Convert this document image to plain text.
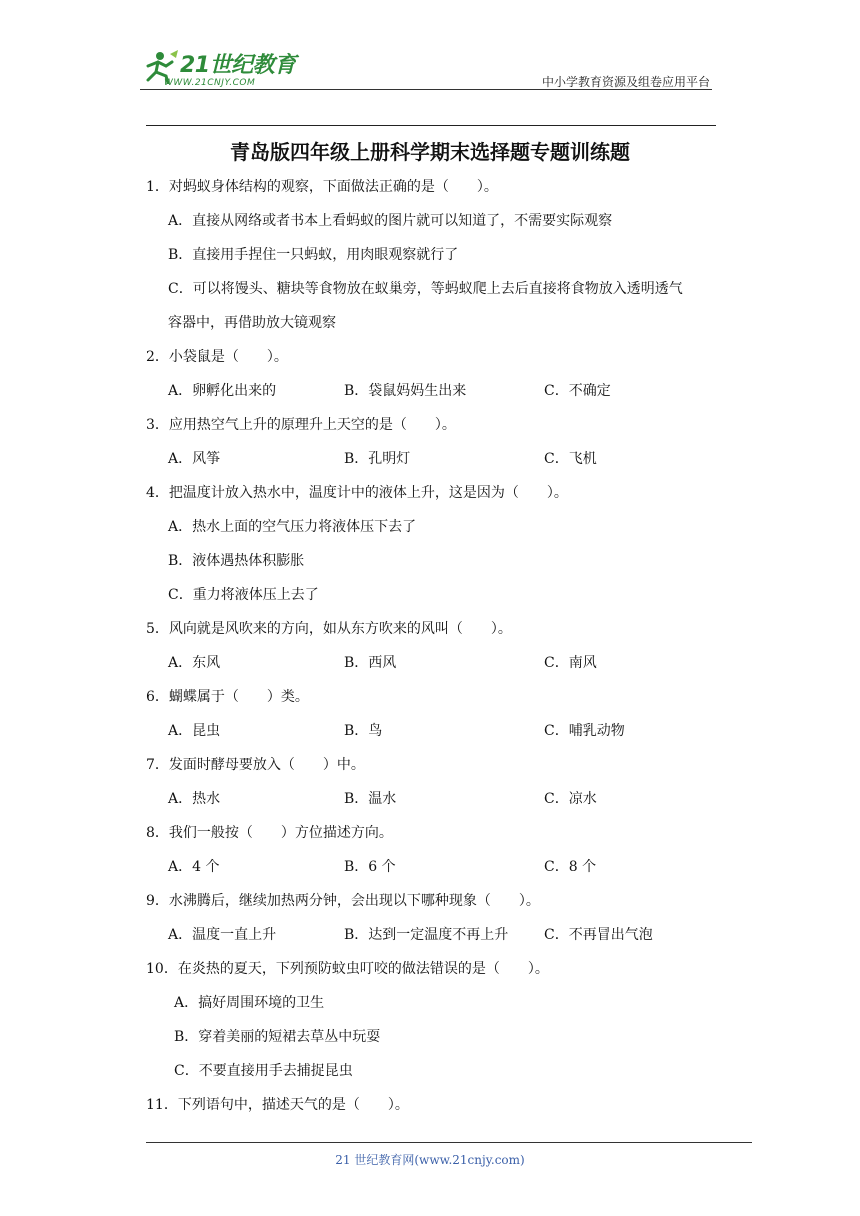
21世纪教育
WWW.21CNJY.COM	中小学教育资源及组卷应用平台
青岛版四年级上册科学期末选择题专题训练题
1．对蚂蚁身体结构的观察，下面做法正确的是（　　）。
A．直接从网络或者书本上看蚂蚁的图片就可以知道了，不需要实际观察
B．直接用手捏住一只蚂蚁，用肉眼观察就行了
C．可以将馒头、糖块等食物放在蚁巢旁，等蚂蚁爬上去后直接将食物放入透明透气
容器中，再借助放大镜观察
2．小袋鼠是（　　）。
A．卵孵化出来的	B．袋鼠妈妈生出来	C．不确定
3．应用热空气上升的原理升上天空的是（　　）。
A．风筝	B．孔明灯	C．飞机
4．把温度计放入热水中，温度计中的液体上升，这是因为（　　）。
A．热水上面的空气压力将液体压下去了
B．液体遇热体积膨胀
C．重力将液体压上去了
5．风向就是风吹来的方向，如从东方吹来的风叫（　　）。
A．东风	B．西风	C．南风
6．蝴蝶属于（　　）类。
A．昆虫	B．鸟	C．哺乳动物
7．发面时酵母要放入（　　）中。
A．热水	B．温水	C．凉水
8．我们一般按（　　）方位描述方向。
A．4 个	B．6 个	C．8 个
9．水沸腾后，继续加热两分钟，会出现以下哪种现象（　　）。
A．温度一直上升	B．达到一定温度不再上升	C．不再冒出气泡
10．在炎热的夏天，下列预防蚊虫叮咬的做法错误的是（　　）。
A．搞好周围环境的卫生
B．穿着美丽的短裙去草丛中玩耍
C．不要直接用手去捕捉昆虫
11．下列语句中，描述天气的是（　　）。
21 世纪教育网(www.21cnjy.com)
